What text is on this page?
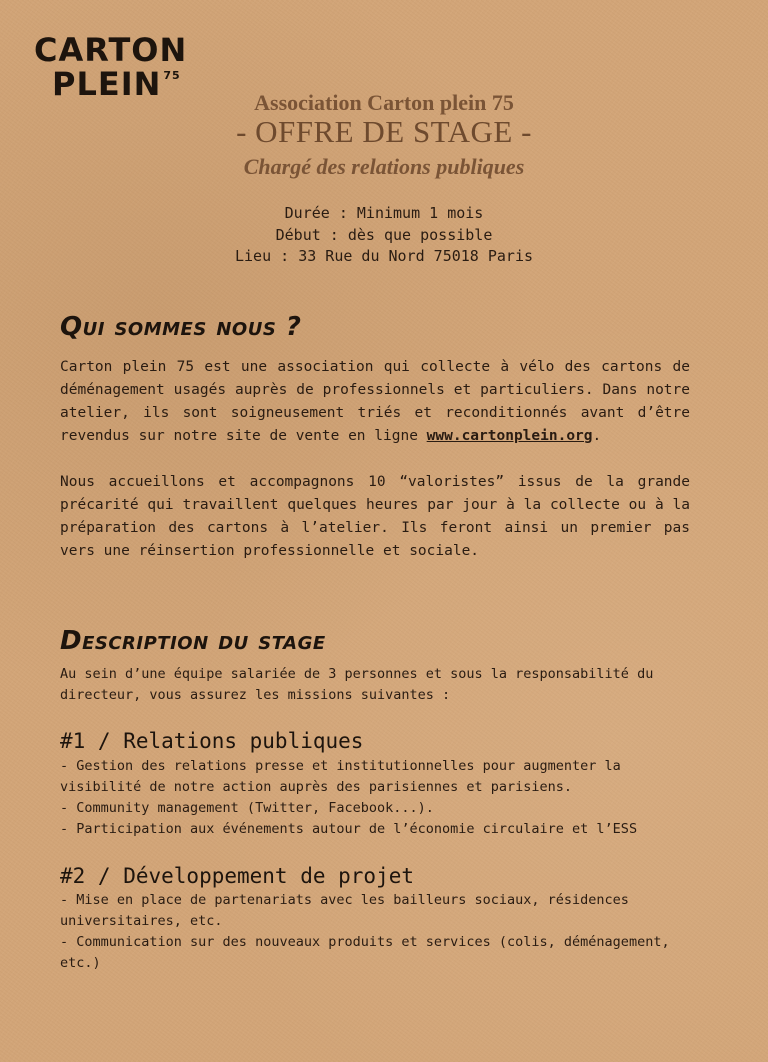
CARTON
PLEIN $^{75}$
Association Carton plein 75
- OFFRE DE STAGE -
Chargé des relations publiques
Durée : Minimum 1 mois
Début : dès que possible
Lieu : 33 Rue du Nord 75018 Paris
Qui sommes nous ?

Carton plein 75 est une association qui collecte à vélo des cartons de déménagement usagés auprès de professionnels et particuliers. Dans notre atelier, ils sont soigneusement triés et reconditionnés avant d’être revendus sur notre site de vente en ligne www.cartonplein.org.

Nous accueillons et accompagnons 10 “valoristes” issus de la grande précarité qui travaillent quelques heures par jour à la collecte ou à la préparation des cartons à l’atelier. Ils feront ainsi un premier pas vers une réinsertion professionnelle et sociale.

Description du stage

Au sein d’une équipe salariée de 3 personnes et sous la responsabilité du directeur, vous assurez les missions suivantes :

#1 / Relations publiques
- Gestion des relations presse et institutionnelles pour augmenter la visibilité de notre action auprès des parisiennes et parisiens.
- Community management (Twitter, Facebook...).
- Participation aux événements autour de l’économie circulaire et l’ESS
#2 / Développement de projet
- Mise en place de partenariats avec les bailleurs sociaux, résidences universitaires, etc.
- Communication sur des nouveaux produits et services (colis, déménagement, etc.)
